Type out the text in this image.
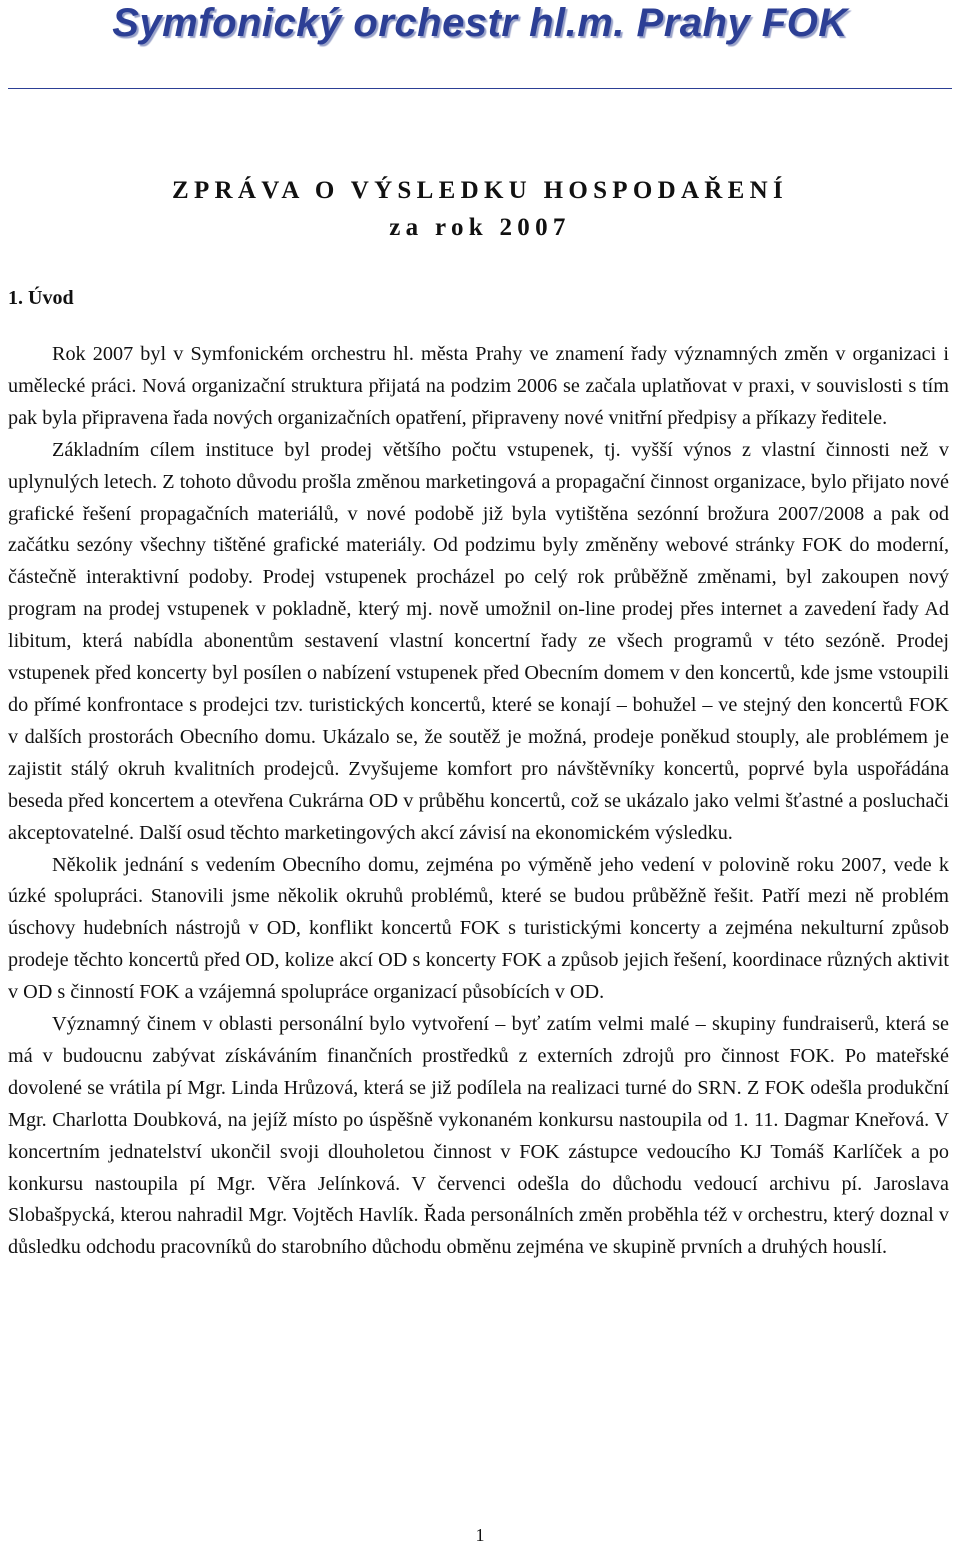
Symfonický orchestr hl.m. Prahy FOK
ZPRÁVA O VÝSLEDKU HOSPODAŘENÍ
za rok 2007
1. Úvod

Rok 2007 byl v Symfonickém orchestru hl. města Prahy ve znamení řady významných změn v organizaci i umělecké práci. Nová organizační struktura přijatá na podzim 2006 se začala uplatňovat v praxi, v souvislosti s tím pak byla připravena řada nových organizačních opatření, připraveny nové vnitřní předpisy a příkazy ředitele.

Základním cílem instituce byl prodej většího počtu vstupenek, tj. vyšší výnos z vlastní činnosti než v uplynulých letech. Z tohoto důvodu prošla změnou marketingová a propagační činnost organizace, bylo přijato nové grafické řešení propagačních materiálů, v nové podobě již byla vytištěna sezónní brožura 2007/2008 a pak od začátku sezóny všechny tištěné grafické materiály. Od podzimu byly změněny webové stránky FOK do moderní, částečně interaktivní podoby. Prodej vstupenek procházel po celý rok průběžně změnami, byl zakoupen nový program na prodej vstupenek v pokladně, který mj. nově umožnil on-line prodej přes internet a zavedení řady Ad libitum, která nabídla abonentům sestavení vlastní koncertní řady ze všech programů v této sezóně. Prodej vstupenek před koncerty byl posílen o nabízení vstupenek před Obecním domem v den koncertů, kde jsme vstoupili do přímé konfrontace s prodejci tzv. turistických koncertů, které se konají – bohužel – ve stejný den koncertů FOK v dalších prostorách Obecního domu. Ukázalo se, že soutěž je možná, prodeje poněkud stouply, ale problémem je zajistit stálý okruh kvalitních prodejců. Zvyšujeme komfort pro návštěvníky koncertů, poprvé byla uspořádána beseda před koncertem a otevřena Cukrárna OD v průběhu koncertů, což se ukázalo jako velmi šťastné a posluchači akceptovatelné. Další osud těchto marketingových akcí závisí na ekonomickém výsledku.

Několik jednání s vedením Obecního domu, zejména po výměně jeho vedení v polovině roku 2007, vede k úzké spolupráci. Stanovili jsme několik okruhů problémů, které se budou průběžně řešit. Patří mezi ně problém úschovy hudebních nástrojů v OD, konflikt koncertů FOK s turistickými koncerty a zejména nekulturní způsob prodeje těchto koncertů před OD, kolize akcí OD s koncerty FOK a způsob jejich řešení, koordinace různých aktivit v OD s činností FOK a vzájemná spolupráce organizací působících v OD.

Významný činem v oblasti personální bylo vytvoření – byť zatím velmi malé – skupiny fundraiserů, která se má v budoucnu zabývat získáváním finančních prostředků z externích zdrojů pro činnost FOK. Po mateřské dovolené se vrátila pí Mgr. Linda Hrůzová, která se již podílela na realizaci turné do SRN. Z FOK odešla produkční Mgr. Charlotta Doubková, na jejíž místo po úspěšně vykonaném konkursu nastoupila od 1. 11. Dagmar Kneřová. V koncertním jednatelství ukončil svoji dlouholetou činnost v FOK zástupce vedoucího KJ Tomáš Karlíček a po konkursu nastoupila pí Mgr. Věra Jelínková. V červenci odešla do důchodu vedoucí archivu pí. Jaroslava Slobašpycká, kterou nahradil Mgr. Vojtěch Havlík. Řada personálních změn proběhla též v orchestru, který doznal v důsledku odchodu pracovníků do starobního důchodu obměnu zejména ve skupině prvních a druhých houslí.

1
